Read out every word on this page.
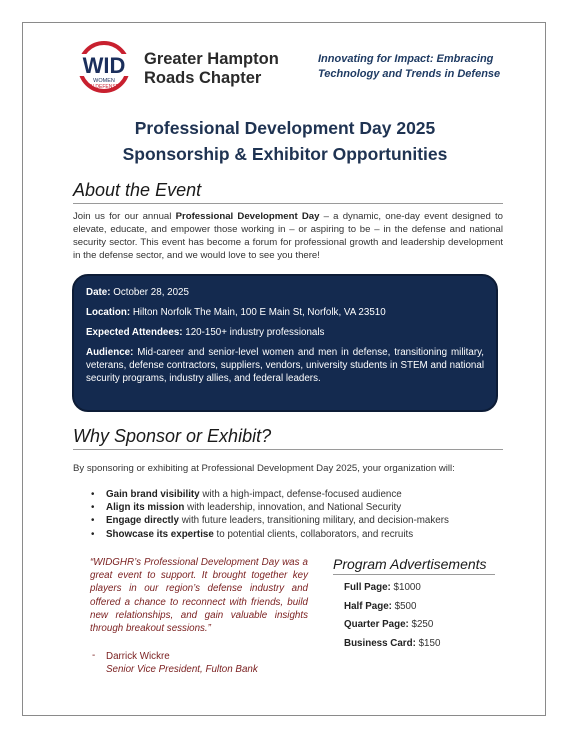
WID
WOMEN
IN DEFENSE
Greater Hampton
Roads Chapter
Innovating for Impact: Embracing
Technology and Trends in Defense
Professional Development Day 2025
Sponsorship & Exhibitor Opportunities
About the Event
Join us for our annual Professional Development Day – a dynamic, one-day event designed to elevate, educate, and empower those working in – or aspiring to be – in the defense and national security sector. This event has become a forum for professional growth and leadership development in the defense sector, and we would love to see you there!

Date: October 28, 2025

Location: Hilton Norfolk The Main, 100 E Main St, Norfolk, VA 23510

Expected Attendees: 120-150+ industry professionals

Audience: Mid-career and senior-level women and men in defense, transitioning military, veterans, defense contractors, suppliers, vendors, university students in STEM and national security programs, industry allies, and federal leaders.

Why Sponsor or Exhibit?
By sponsoring or exhibiting at Professional Development Day 2025, your organization will:
• Gain brand visibility with a high-impact, defense-focused audience
• Align its mission with leadership, innovation, and National Security
• Engage directly with future leaders, transitioning military, and decision-makers
• Showcase its expertise to potential clients, collaborators, and recruits
“WIDGHR’s Professional Development Day was a great event to support. It brought together key players in our region’s defense industry and offered a chance to reconnect with friends, build new relationships, and gain valuable insights through breakout sessions.”
- Darrick Wickre
Senior Vice President, Fulton Bank
Program Advertisements
Full Page: $1000
Half Page: $500
Quarter Page: $250
Business Card: $150
